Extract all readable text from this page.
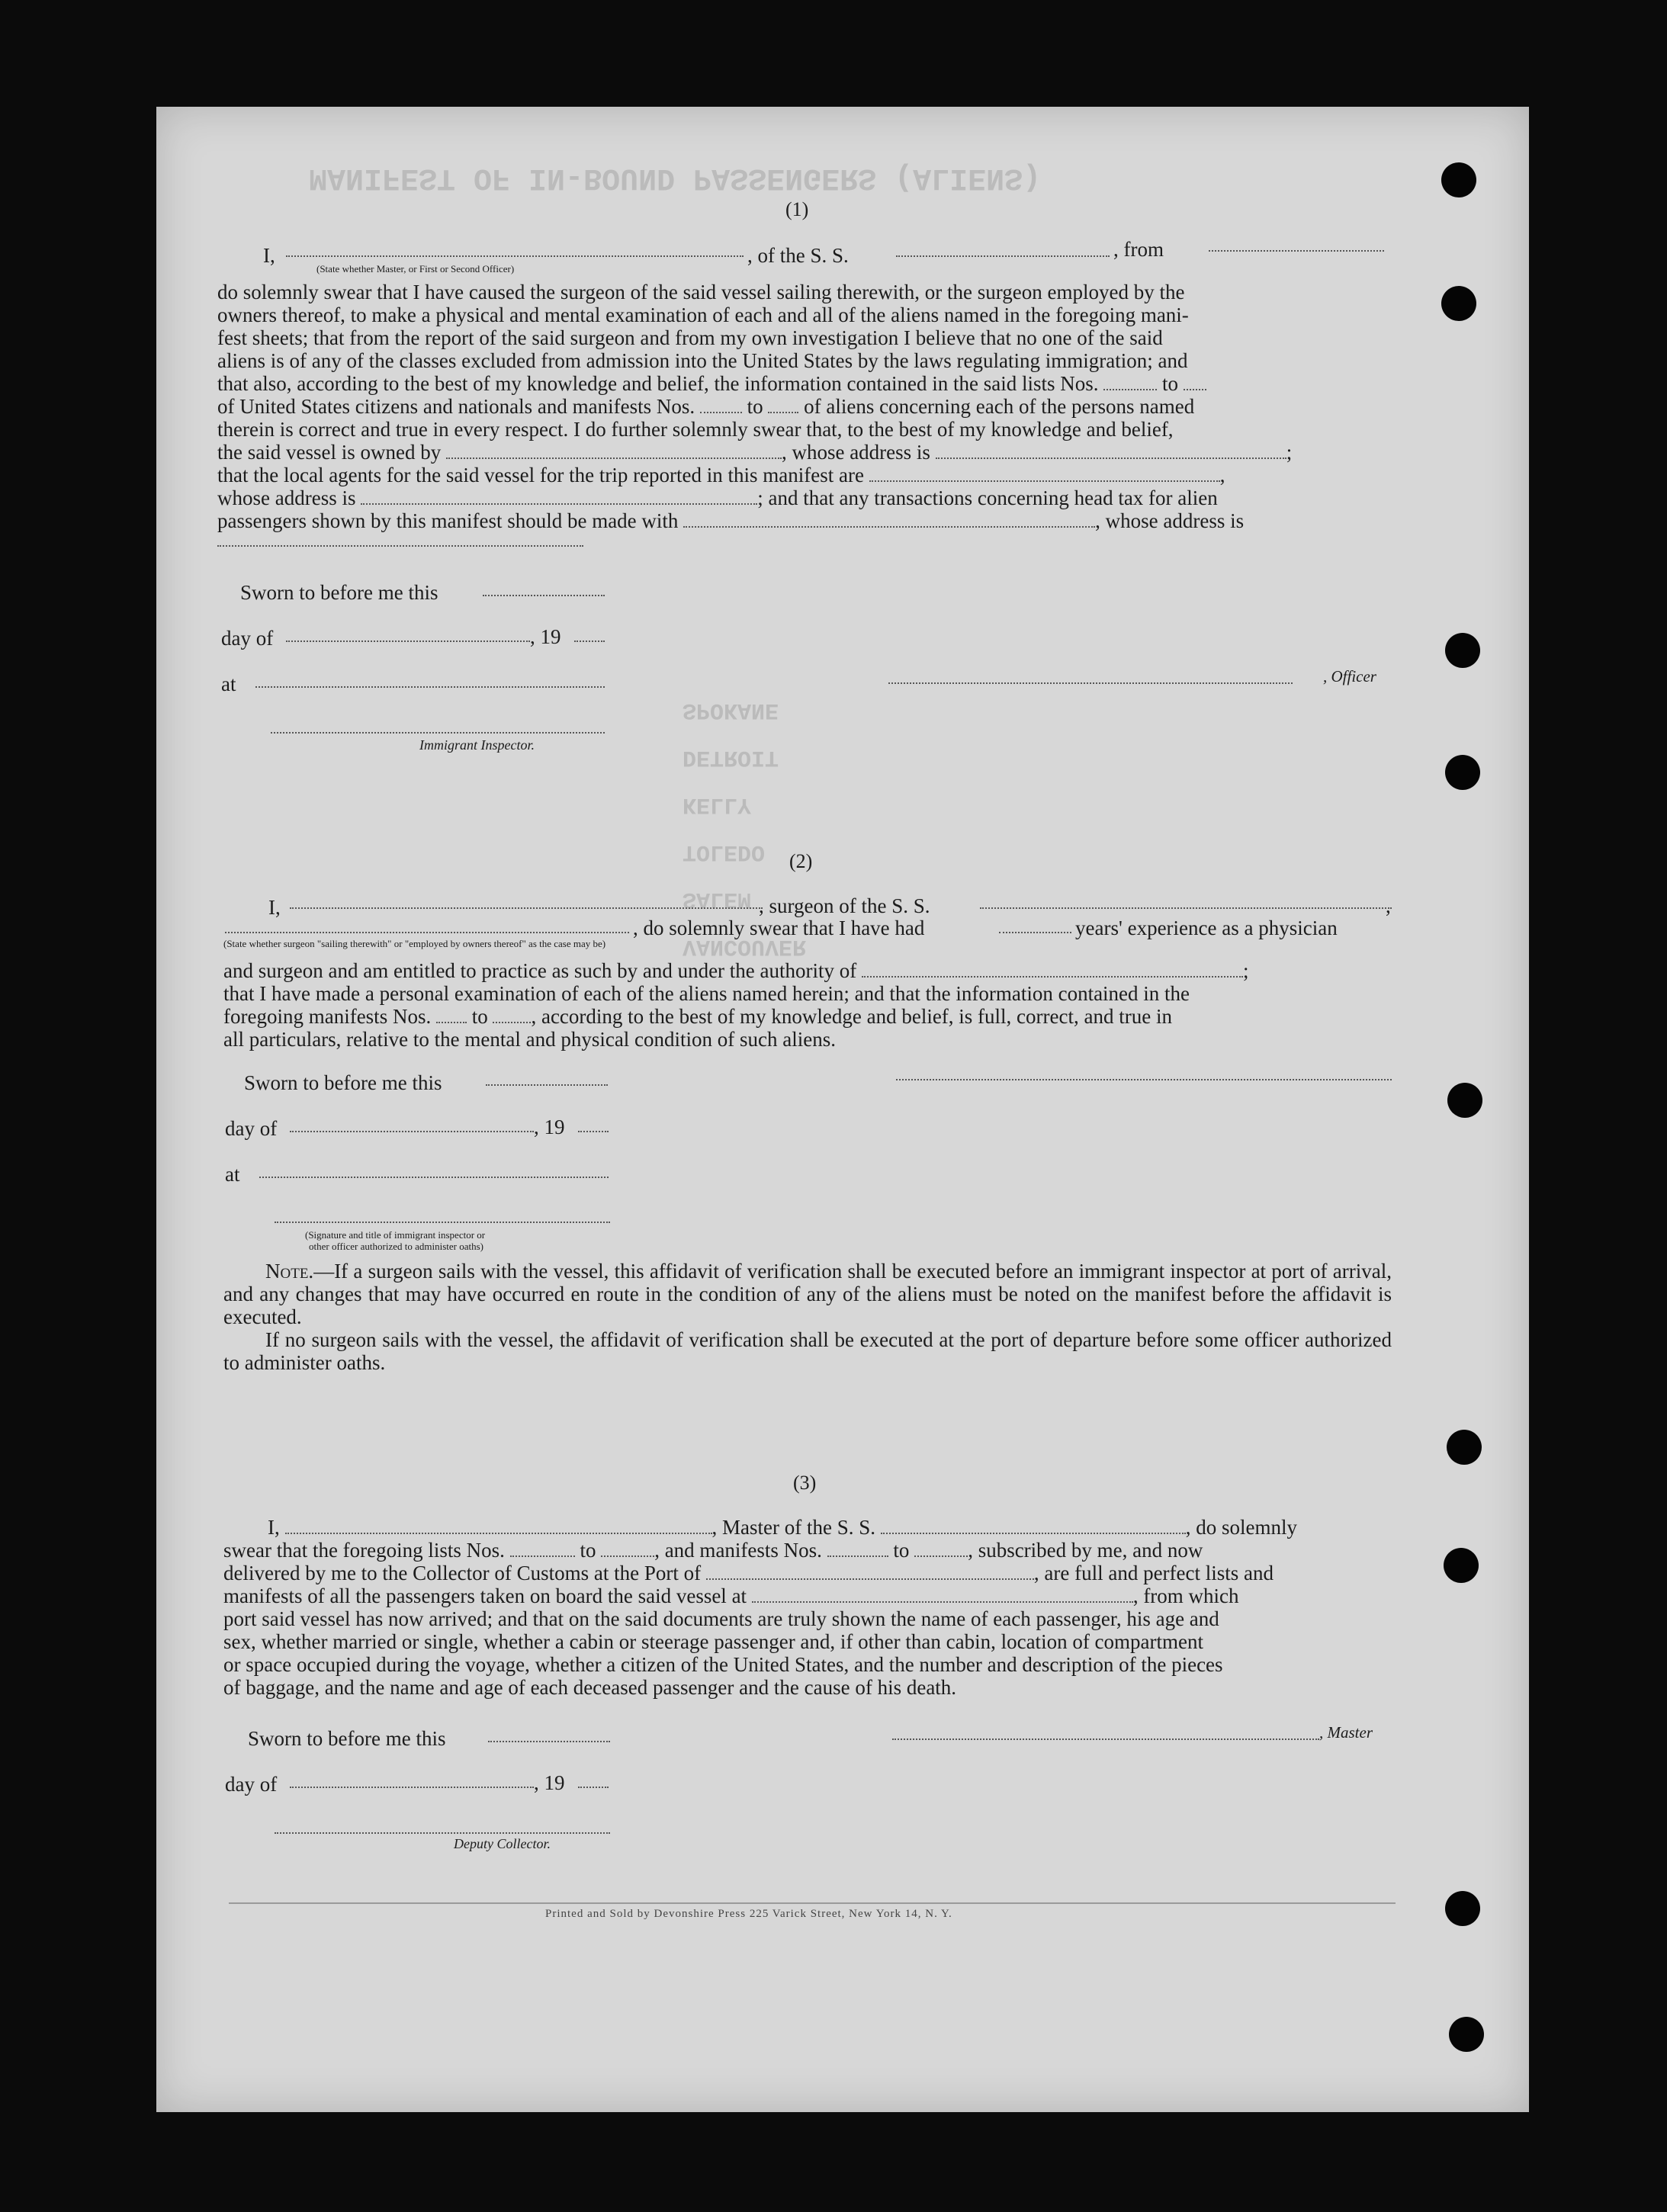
MANIFEST OF IN-BOUND PASSENGERS (ALIENS)
VANCOUVER
SALEM
TOLEDO
KELLY
DETROIT
SPOKANE
(1)
I,
(State whether Master, or First or Second Officer)
, of the S. S.	, from
do solemnly swear that I have caused the surgeon of the said vessel sailing therewith, or the surgeon employed by the
owners thereof, to make a physical and mental examination of each and all of the aliens named in the foregoing mani-
fest sheets; that from the report of the said surgeon and from my own investigation I believe that no one of the said
aliens is of any of the classes excluded from admission into the United States by the laws regulating immigration; and
that also, according to the best of my knowledge and belief, the information contained in the said lists Nos.	to
of United States citizens and nationals and manifests Nos.	to of aliens concerning each of the persons named
therein is correct and true in every respect. I do further solemnly swear that, to the best of my knowledge and belief,
the said vessel is owned by	, whose address is	;
that the local agents for the said vessel for the trip reported in this manifest are	,
whose address is	; and that any transactions concerning head tax for alien
passengers shown by this manifest should be made with	, whose address is
Sworn to before me this
day of	, 19
at	, Officer
Immigrant Inspector.
(2)
I,	, surgeon of the S. S.	,
, do solemnly swear that I have had	years' experience as a physician
(State whether surgeon "sailing therewith" or "employed by owners thereof" as the case may be)
and surgeon and am entitled to practice as such by and under the authority of	;
that I have made a personal examination of each of the aliens named herein; and that the information contained in the
foregoing manifests Nos.  to , according to the best of my knowledge and belief, is full, correct, and true in
all particulars, relative to the mental and physical condition of such aliens.
Sworn to before me this
day of	, 19
at
(Signature and title of immigrant inspector or
other officer authorized to administer oaths)
Note.—If a surgeon sails with the vessel, this affidavit of verification shall be executed before an immigrant inspector at port of arrival, and any changes that may have occurred en route in the condition of any of the aliens must be noted on the manifest before the affidavit is executed.
If no surgeon sails with the vessel, the affidavit of verification shall be executed at the port of departure before some officer authorized to administer oaths.
(3)
I,	, Master of the S. S.	, do solemnly
swear that the foregoing lists Nos.	to	, and manifests Nos.	to	, subscribed by me, and now
delivered by me to the Collector of Customs at the Port of	, are full and perfect lists and
manifests of all the passengers taken on board the said vessel at	, from which
port said vessel has now arrived; and that on the said documents are truly shown the name of each passenger, his age and
sex, whether married or single, whether a cabin or steerage passenger and, if other than cabin, location of compartment
or space occupied during the voyage, whether a citizen of the United States, and the number and description of the pieces
of baggage, and the name and age of each deceased passenger and the cause of his death.
Sworn to before me this	, Master
day of	, 19
Deputy Collector.
Printed and Sold by Devonshire Press 225 Varick Street, New York 14, N. Y.
